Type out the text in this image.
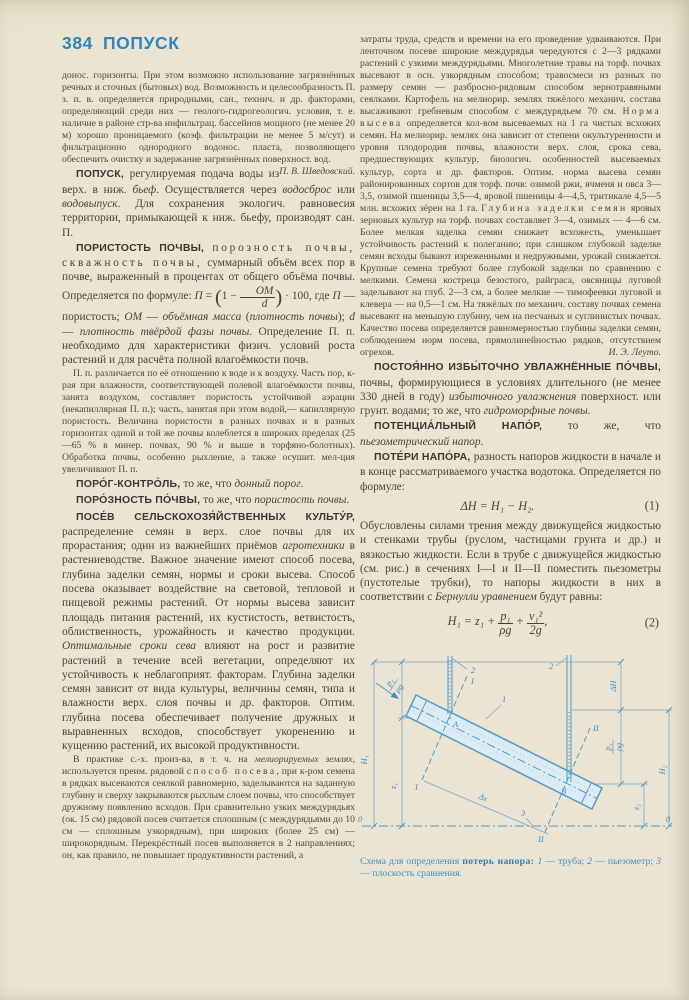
384 ПОПУСК
донос. горизонты. При этом возможно использование загрязнённых речных и сточных (бытовых) вод. Возможность и целесообразность П. з. п. в. определяется природными, сан., технич. и др. факторами, определяющий среди них — геолого-гидрогеологич. условия, т. е. наличие в районе стр-ва инфильтрац. бассейнов мощного (не менее 20 м) хорошо проницаемого (коэф. фильтрации не менее 5 м/сут) и фильтрационно однородного водонос. пласта, позволяющего обеспечить очистку и задержание загрязнённых поверхност. вод.
П. В. Шведовский.
ПОПУСК, регулируемая подача воды из верх. в ниж. бьеф. Осуществляется через водосброс или водовыпуск. Для сохранения экологич. равновесия территории, примыкающей к ниж. бьефу, производят сан. П.
ПОРИСТОСТЬ ПОЧВЫ, порозность почвы, скважность почвы, суммарный объём всех пор в почве, выраженный в процентах от общего объёма почвы. Определяется по формуле: $П = (1 - \frac{ОМ}{d}$ ) · 100, где П — пористость; ОМ — объёмная масса (плотность почвы); d — плотность твёрдой фазы почвы. Определение П. п. необходимо для характеристики физич. условий роста растений и для расчёта полной влагоёмкости почв.
П. п. различается по её отношению к воде и к воздуху. Часть пор, к-рая при влажности, соответствующей полевой влагоёмкости почвы, занята воздухом, составляет пористость устойчивой аэрации (некапиллярная П. п.); часть, занятая при этом водой,— капиллярную пористость. Величина пористости в разных почвах и в разных горизонтах одной и той же почвы колеблется в широких пределах (25—65 % в минер. почвах, 90 % и выше в торфяно-болотных). Обработка почвы, особенно рыхление, а также осушит. мел-ция увеличивают П. п.
ПОРО́Г-КОНТРО́ЛЬ, то же, что донный порог.
ПОРО́ЗНОСТЬ ПО́ЧВЫ, то же, что пористость почвы.
ПОСЕ́В СЕЛЬСКОХОЗЯ́ЙСТВЕННЫХ КУЛЬТУ́Р, распределение семян в верх. слое почвы для их прорастания; один из важнейших приёмов агротехники в растениеводстве. Важное значение имеют способ посева, глубина заделки семян, нормы и сроки высева. Способ посева оказывает воздействие на световой, тепловой и пищевой режимы растений. От нормы высева зависит площадь питания растений, их кустистость, ветвистость, облиственность, урожайность и качество продукции. Оптимальные сроки сева влияют на рост и развитие растений в течение всей вегетации, определяют их устойчивость к неблагоприят. факторам. Глубина заделки семян зависит от вида культуры, величины семян, типа и влажности верх. слоя почвы и др. факторов. Оптим. глубина посева обеспечивает получение дружных и выравненных всходов, способствует укоренению и кущению растений, их высокой продуктивности.
В практике с.-х. произ-ва, в т. ч. на мелиорируемых землях, используется преим. рядовой способ посева, при к-ром семена в рядках высеваются сеялкой равномерно, заделываются на заданную глубину и сверху закрываются рыхлым слоем почвы, что способствует дружному появлению всходов. При сравнительно узких междурядьях (ок. 15 см) рядовой посев считается сплошным (с междурядьями до 10 см — сплошным узкорядным), при широких (более 25 см) — широкорядным. Перекрёстный посев выполняется в 2 направлениях; он, как правило, не повышает продуктивности растений, а
затраты труда, средств и времени на его проведение удваиваются. При ленточном посеве широкие междурядья чередуются с 2—3 рядками растений с узкими междурядьями. Многолетние травы на торф. почвах высевают в осн. узкорядным способом; травосмеси из разных по размеру семян — разбросно-рядовым способом зернотравяными сеялками. Картофель на мелиорир. землях тяжёлого механич. состава высаживают гребневым способом с междурядьем 70 см. Норма высева определяется кол-вом высеваемых на 1 га чистых всхожих семян. На мелиорир. землях она зависит от степени окультуренности и уровня плодородия почвы, влажности верх. слоя, срока сева, предшествующих культур, биологич. особенностей высеваемых культур, сорта и др. факторов. Оптим. норма высева семян районированных сортов для торф. почв: озимой ржи, ячменя и овса 3—3,5, озимой пшеницы 3,5—4, яровой пшеницы 4—4,5, тритикале 4,5—5 млн. всхожих зёрен на 1 га. Глубина заделки семян яровых зерновых культур на торф. почвах составляет 3—4, озимых — 4—6 см. Более мелкая заделка семян снижает всхожесть, уменьшает устойчивость растений к полеганию; при слишком глубокой заделке семян всходы бывают изреженными и недружными, урожай снижается. Крупные семена требуют более глубокой заделки по сравнению с мелкими. Семена костреца безостого, райграса, овсяницы луговой заделывают на глуб. 2—3 см, а более мелкие — тимофеевки луговой и клевера — на 0,5—1 см. На тяжёлых по механич. составу почвах семена высевают на меньшую глубину, чем на песчаных и суглинистых почвах. Качество посева определяется равномерностью глубины заделки семян, соблюдением норм посева, прямолинейностью рядков, отсутствием огрехов.	И. Э. Леуто.
ПОСТОЯ́ННО ИЗБЫ́ТОЧНО УВЛАЖНЁННЫЕ ПО́ЧВЫ, почвы, формирующиеся в условиях длительного (не менее 330 дней в году) избыточного увлажнения поверхност. или грунт. водами; то же, что гидроморфные почвы.
ПОТЕНЦИА́ЛЬНЫЙ НАПО́Р, то же, что пьезометрический напор.
ПОТЕ́РИ НАПО́РА, разность напоров жидкости в начале и в конце рассматриваемого участка водотока. Определяется по формуле:
ΔH = H₁ − H₂.	(1)
Обусловлены силами трения между движущейся жидкостью и стенками трубы (руслом, частицами грунта и др.) и вязкостью жидкости. Если в трубе с движущейся жидкостью (см. рис.) в сечениях I—I и II—II поместить пьезометры (пустотелые трубки), то напоры жидкости в них в соответствии с Бернулли уравнением будут равны:
$H_1 = z_1 + \frac{\text{p₁}}{\rho g} + \frac{\text{v₁²}}{2g}$ ,	(2)
2	2
1
3
I
I
II
II
A
B
0	0
H₁
z₁
ΔH
H₂
z₂
Δx
p₁
ρg
p₂ ρg
Схема для определения потерь напора: 1 — труба; 2 — пьезометр; 3 — плоскость сравнения.
